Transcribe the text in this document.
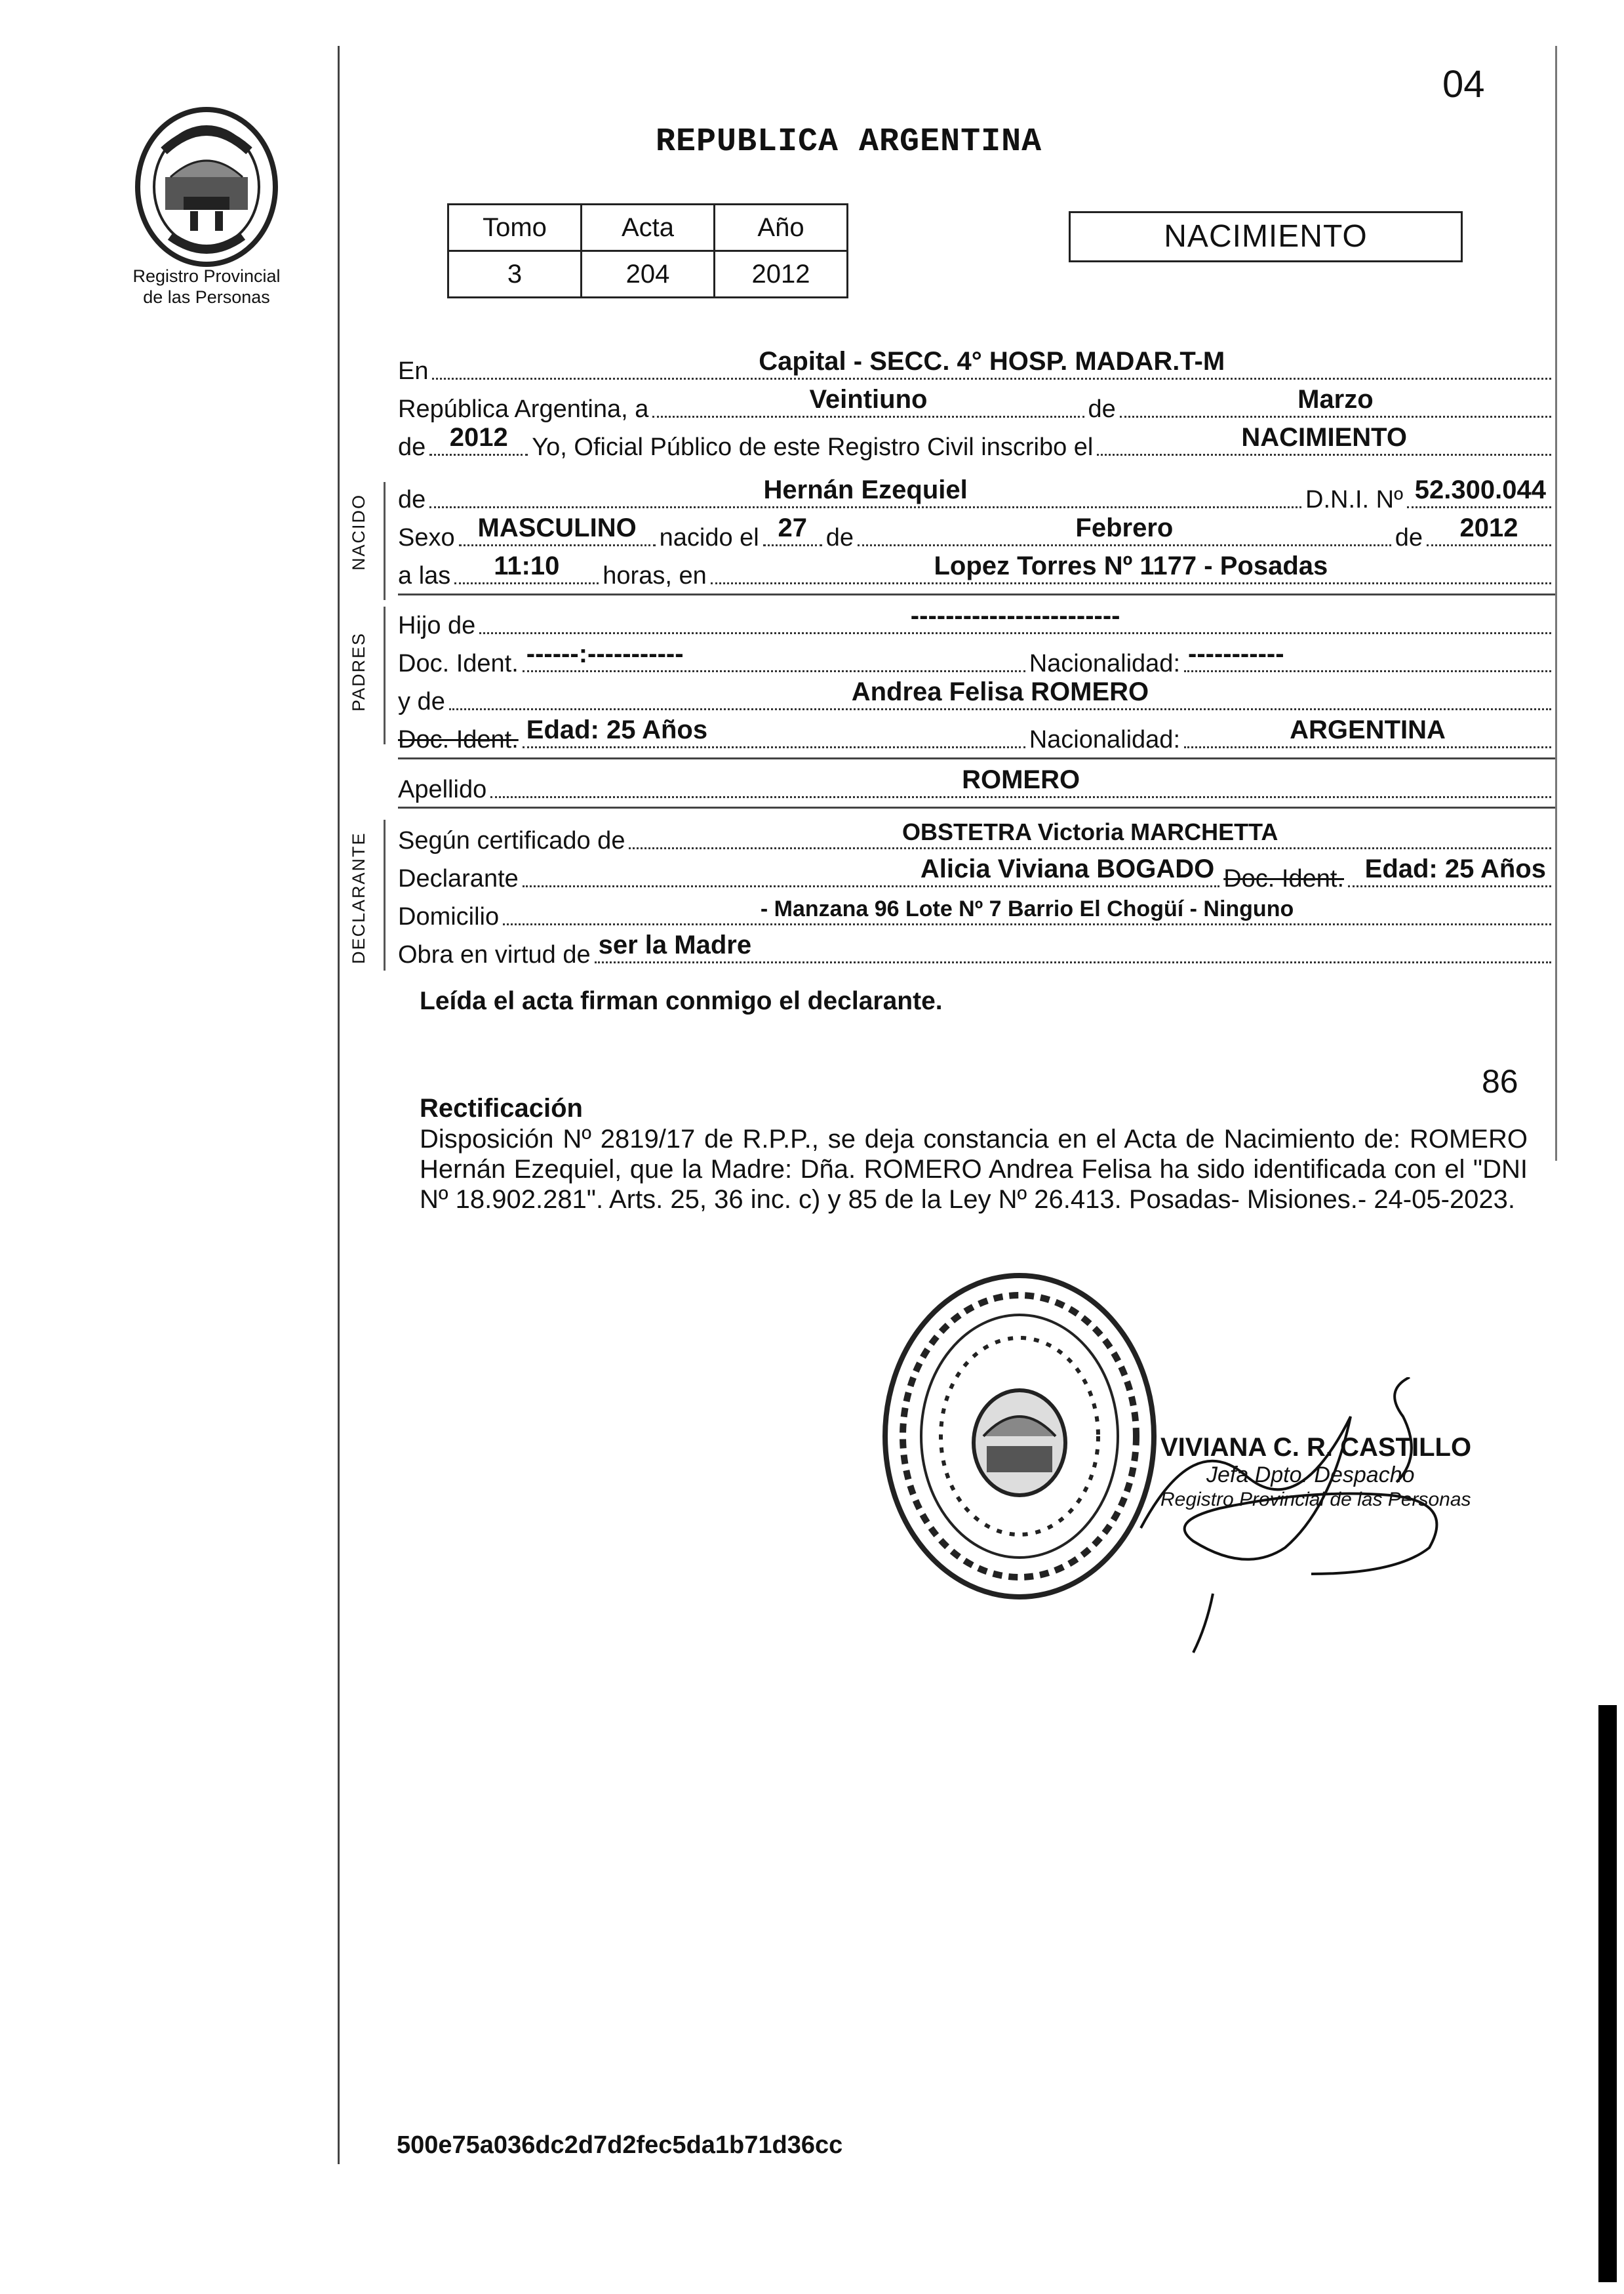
Registro Provincial
de las Personas
04
REPUBLICA ARGENTINA
Tomo	Acta	Año
3	204	2012
NACIMIENTO
En	Capital - SECC. 4° HOSP. MADAR.T-M
República Argentina, a	Veintiuno	de	Marzo
de 2012 Yo, Oficial Público de este Registro Civil inscribo el	NACIMIENTO
NACIDO de	Hernán Ezequiel	D.N.I. Nº 52.300.044
Sexo MASCULINO nacido el 27 de	Febrero	de 2012
a las 11:10 horas, en	Lopez Torres Nº 1177 - Posadas
PADRES
Hijo de	------------------------
Doc. Ident. ------:-----------	Nacionalidad: -----------
y de	Andrea Felisa ROMERO
Doc. Ident. Edad: 25 Años	Nacionalidad:	ARGENTINA
Apellido	ROMERO
DECLARANTE Según certificado de	OBSTETRA Victoria MARCHETTA
Declarante	Alicia Viviana BOGADO Doc. Ident. Edad: 25 Años
Domicilio	- Manzana 96 Lote Nº 7 Barrio El Chogüí - Ninguno
Obra en virtud de ser la Madre
Leída el acta firman conmigo el declarante.
86
Rectificación
Disposición Nº 2819/17 de R.P.P., se deja constancia en el Acta de Nacimiento de: ROMERO Hernán Ezequiel, que la Madre: Dña. ROMERO Andrea Felisa ha sido identificada con el "DNI Nº 18.902.281". Arts. 25, 36 inc. c) y 85 de la Ley Nº 26.413. Posadas- Misiones.- 24-05-2023.
VIVIANA C. R. CASTILLO
Jefa Dpto. Despacho
Registro Provincial de las Personas
500e75a036dc2d7d2fec5da1b71d36cc
